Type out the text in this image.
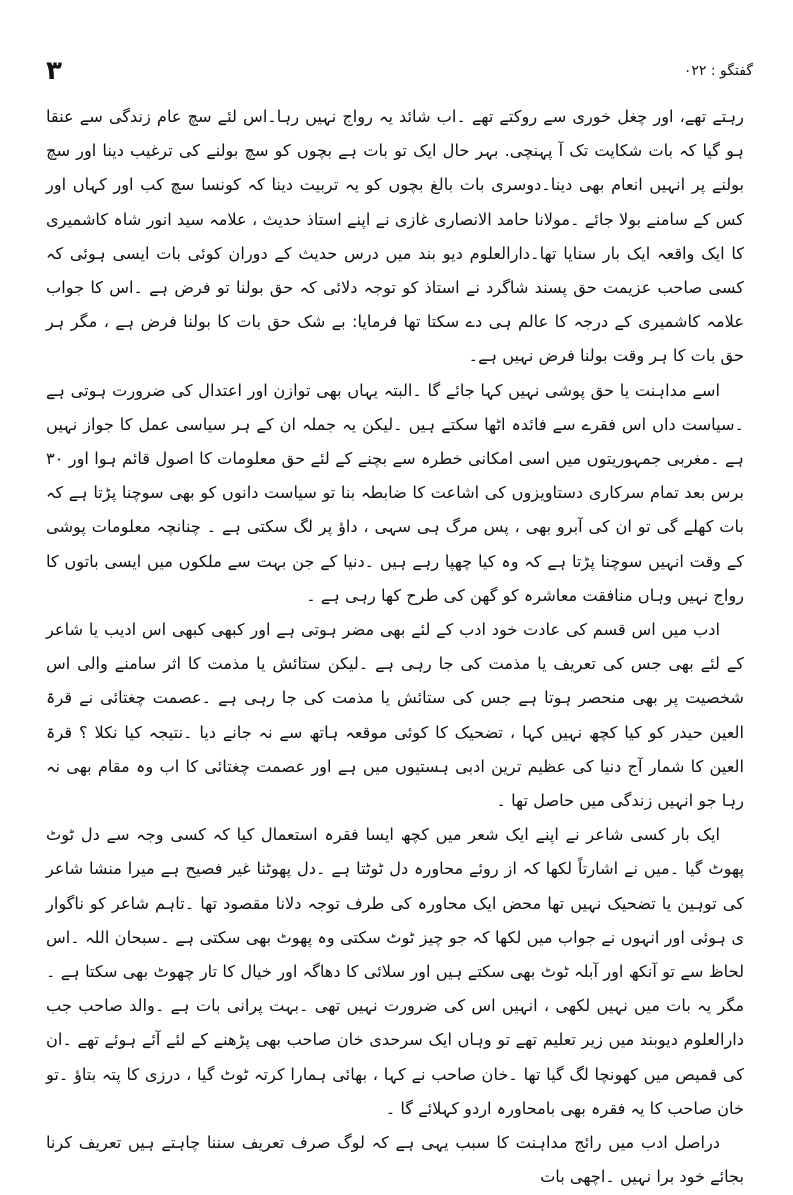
٣	گفتگو : ۰۲۲

رہتے تھے، اور چغل خوری سے روکتے تھے ۔اب شائد یہ رواج نہیں رہا۔اس لئے سچ عام زندگی سے عنقا ہو گیا کہ بات شکایت تک آ پہنچی. بہر حال ایک تو بات ہے بچوں کو سچ بولنے کی ترغیب دینا اور سچ بولنے پر انہیں انعام بھی دینا۔دوسری بات بالغ بچوں کو یہ تربیت دینا کہ کونسا سچ کب اور کہاں اور کس کے سامنے بولا جائے ۔مولانا حامد الانصاری غازی نے اپنے استاذ حدیث ، علامہ سید انور شاہ کاشمیری کا ایک واقعہ ایک بار سنایا تھا۔دارالعلوم دیو بند میں درس حدیث کے دوران کوئی بات ایسی ہوئی کہ کسی صاحب عزیمت حق پسند شاگرد نے استاذ کو توجہ دلائی کہ حق بولنا تو فرض ہے ۔اس کا جواب علامہ کاشمیری کے درجہ کا عالم ہی دے سکتا تھا فرمایا: بے شک حق بات کا بولنا فرض ہے ، مگر ہر حق بات کا ہر وقت بولنا فرض نہیں ہے۔

اسے مداہنت یا حق پوشی نہیں کہا جائے گا ۔البتہ یہاں بھی توازن اور اعتدال کی ضرورت ہوتی ہے ۔سیاست داں اس فقرے سے فائدہ اٹھا سکتے ہیں ۔لیکن یہ جملہ ان کے ہر سیاسی عمل کا جواز نہیں ہے ۔مغربی جمہوریتوں میں اسی امکانی خطرہ سے بچنے کے لئے حق معلومات کا اصول قائم ہوا اور ۳۰ برس بعد تمام سرکاری دستاویزوں کی اشاعت کا ضابطہ بنا تو سیاست دانوں کو بھی سوچنا پڑتا ہے کہ بات کھلے گی تو ان کی آبرو بھی ، پس مرگ ہی سہی ، داؤ پر لگ سکتی ہے ۔ چنانچہ معلومات پوشی کے وقت انہیں سوچنا پڑتا ہے کہ وہ کیا چھپا رہے ہیں ۔دنیا کے جن بہت سے ملکوں میں ایسی باتوں کا رواج نہیں وہاں منافقت معاشرہ کو گھن کی طرح کھا رہی ہے ۔

ادب میں اس قسم کی عادت خود ادب کے لئے بھی مضر ہوتی ہے اور کبھی کبھی اس ادیب یا شاعر کے لئے بھی جس کی تعریف یا مذمت کی جا رہی ہے ۔لیکن ستائش یا مذمت کا اثر سامنے والی اس شخصیت پر بھی منحصر ہوتا ہے جس کی ستائش یا مذمت کی جا رہی ہے ۔عصمت چغتائی نے قرۃ العین حیدر کو کیا کچھ نہیں کہا ، تضحیک کا کوئی موقعہ ہاتھ سے نہ جانے دیا ۔نتیجہ کیا نکلا ؟ قرۃ العین کا شمار آج دنیا کی عظیم ترین ادبی ہستیوں میں ہے اور عصمت چغتائی کا اب وہ مقام بھی نہ رہا جو انہیں زندگی میں حاصل تھا ۔

ایک بار کسی شاعر نے اپنے ایک شعر میں کچھ ایسا فقرہ استعمال کیا کہ کسی وجہ سے دل ٹوٹ پھوٹ گیا ۔میں نے اشارتاً لکھا کہ از روئے محاورہ دل ٹوٹتا ہے ۔دل پھوٹنا غیر فصیح ہے میرا منشا شاعر کی توہین یا تضحیک نہیں تھا محض ایک محاورہ کی طرف توجہ دلانا مقصود تھا ۔تاہم شاعر کو ناگوار ی ہوئی اور انہوں نے جواب میں لکھا کہ جو چیز ٹوٹ سکتی وہ پھوٹ بھی سکتی ہے ۔سبحان اللہ ۔اس لحاظ سے تو آنکھ اور آبلہ ٹوٹ بھی سکتے ہیں اور سلائی کا دھاگہ اور خیال کا تار چھوٹ بھی سکتا ہے ۔مگر یہ بات میں نہیں لکھی ، انہیں اس کی ضرورت نہیں تھی ۔بہت پرانی بات ہے ۔والد صاحب جب دارالعلوم دیوبند میں زیر تعلیم تھے تو وہاں ایک سرحدی خان صاحب بھی پڑھنے کے لئے آئے ہوئے تھے ۔ان کی قمیص میں کھونچا لگ گیا تھا ۔خان صاحب نے کہا ، بھائی ہمارا کرتہ ٹوٹ گیا ، درزی کا پتہ بتاؤ ۔تو خان صاحب کا یہ فقرہ بھی بامحاورہ اردو کہلائے گا ۔

دراصل ادب میں رائج مداہنت کا سبب یہی ہے کہ لوگ صرف تعریف سننا چاہتے ہیں تعریف کرنا بجائے خود برا نہیں ۔اچھی بات
